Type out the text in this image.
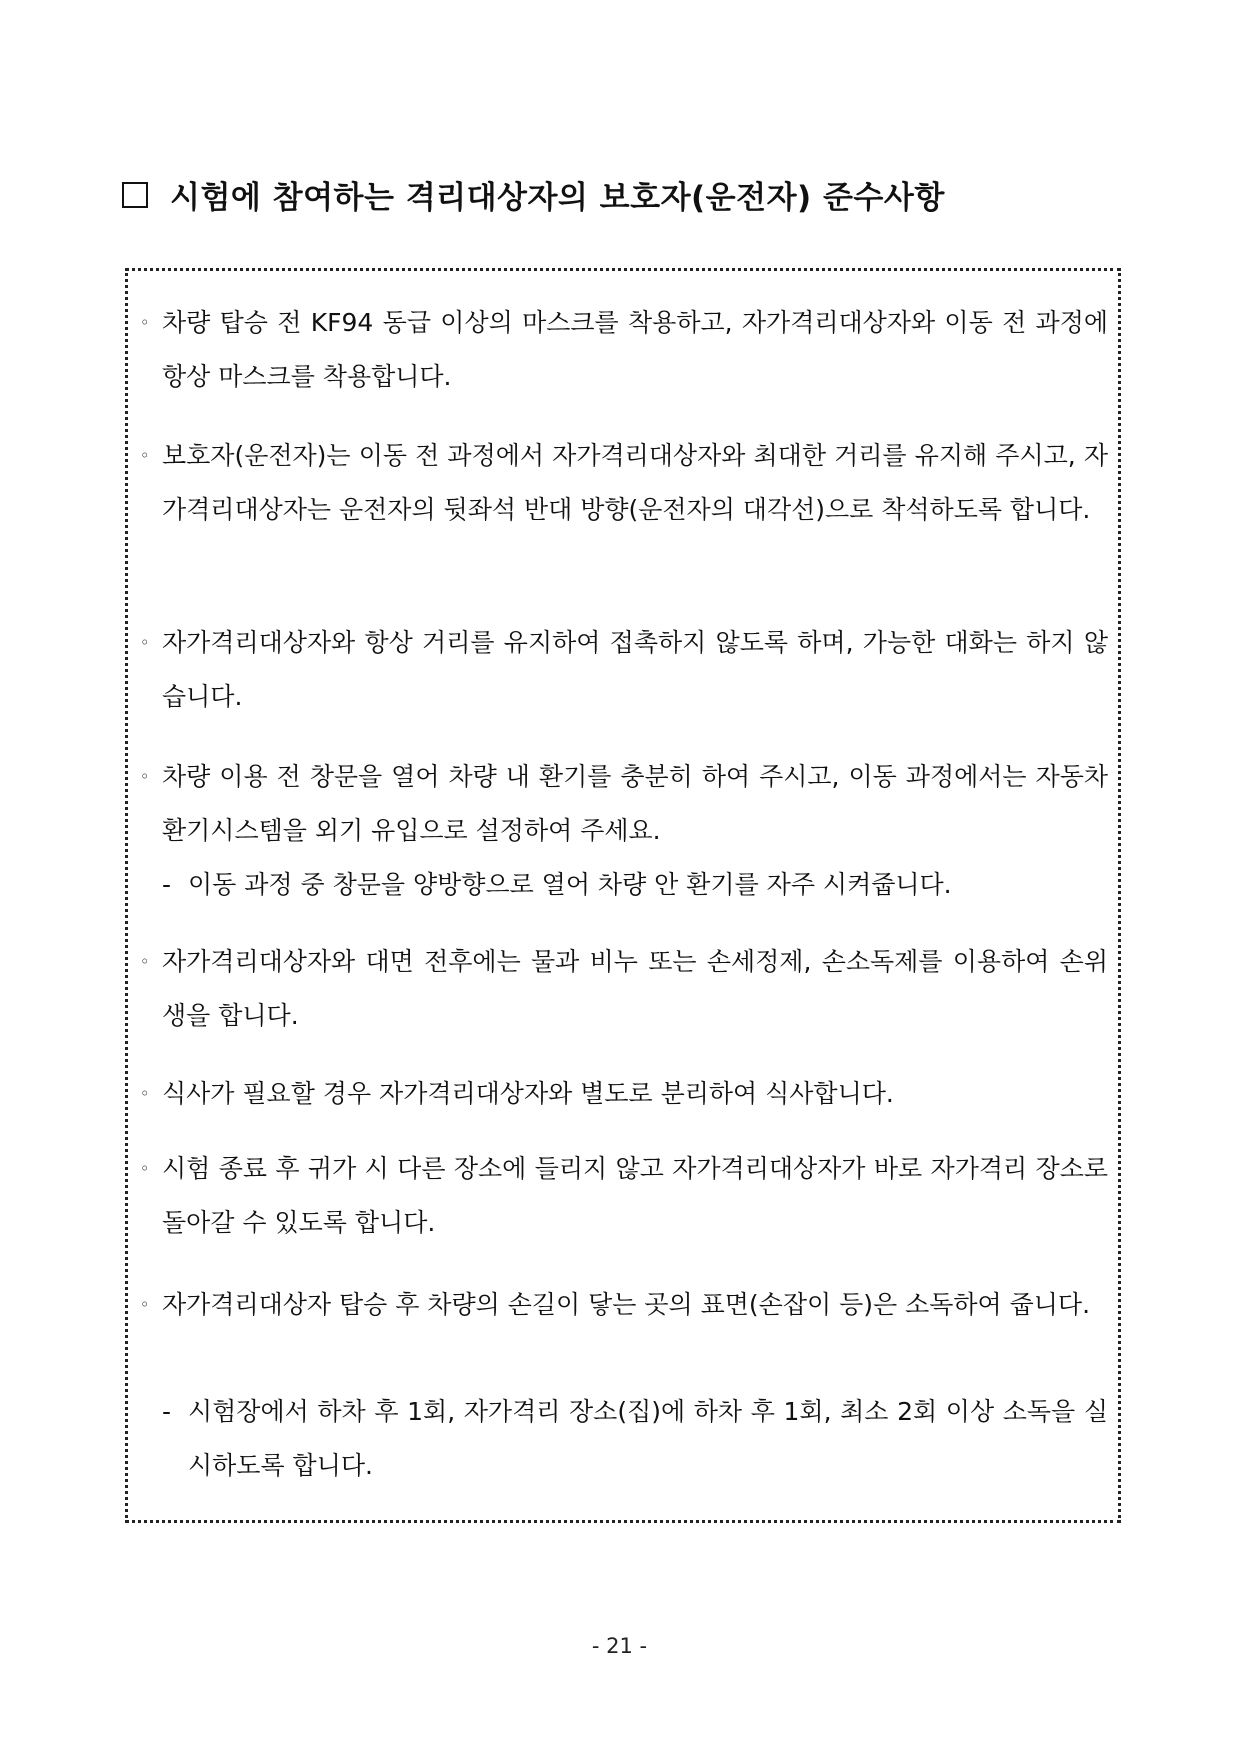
시험에 참여하는 격리대상자의 보호자(운전자) 준수사항
◦ 차량 탑승 전 KF94 동급 이상의 마스크를 착용하고, 자가격리대상자와 이동 전 과정에 항상 마스크를 착용합니다.
◦ 보호자(운전자)는 이동 전 과정에서 자가격리대상자와 최대한 거리를 유지해 주시고, 자가격리대상자는 운전자의 뒷좌석 반대 방향(운전자의 대각선)으로 착석하도록 합니다.
◦ 자가격리대상자와 항상 거리를 유지하여 접촉하지 않도록 하며, 가능한 대화는 하지 않습니다.
◦ 차량 이용 전 창문을 열어 차량 내 환기를 충분히 하여 주시고, 이동 과정에서는 자동차 환기시스템을 외기 유입으로 설정하여 주세요.
- 이동 과정 중 창문을 양방향으로 열어 차량 안 환기를 자주 시켜줍니다.
◦ 자가격리대상자와 대면 전후에는 물과 비누 또는 손세정제, 손소독제를 이용하여 손위생을 합니다.
◦ 식사가 필요할 경우 자가격리대상자와 별도로 분리하여 식사합니다.
◦ 시험 종료 후 귀가 시 다른 장소에 들리지 않고 자가격리대상자가 바로 자가격리 장소로 돌아갈 수 있도록 합니다.
◦ 자가격리대상자 탑승 후 차량의 손길이 닿는 곳의 표면(손잡이 등)은 소독하여 줍니다.
- 시험장에서 하차 후 1회, 자가격리 장소(집)에 하차 후 1회, 최소 2회 이상 소독을 실시하도록 합니다.
- 21 -
